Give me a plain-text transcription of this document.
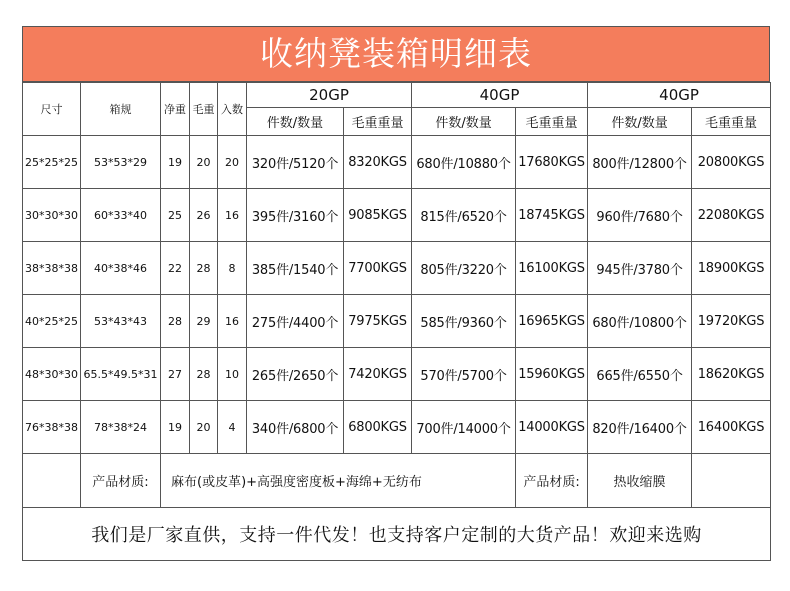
收纳凳装箱明细表
尺寸	箱规	净重	毛重	入数	20GP		40GP		40GP	
					件数/数量	毛重重量	件数/数量	毛重重量	件数/数量	毛重重量
25*25*25	53*53*29	19	20	20	320件/5120个	8320KGS	680件/10880个	17680KGS	800件/12800个	20800KGS
30*30*30	60*33*40	25	26	16	395件/3160个	9085KGS	815件/6520个	18745KGS	960件/7680个	22080KGS
38*38*38	40*38*46	22	28	8	385件/1540个	7700KGS	805件/3220个	16100KGS	945件/3780个	18900KGS
40*25*25	53*43*43	28	29	16	275件/4400个	7975KGS	585件/9360个	16965KGS	680件/10800个	19720KGS
48*30*30	65.5*49.5*31	27	28	10	265件/2650个	7420KGS	570件/5700个	15960KGS	665件/6550个	18620KGS
76*38*38	78*38*24	19	20	4	340件/6800个	6800KGS	700件/14000个	14000KGS	820件/16400个	16400KGS
	产品材质:	麻布(或皮革)+高强度密度板+海绵+无纺布						产品材质:	热收缩膜	
我们是厂家直供，支持一件代发！也支持客户定制的大货产品！欢迎来选购										
